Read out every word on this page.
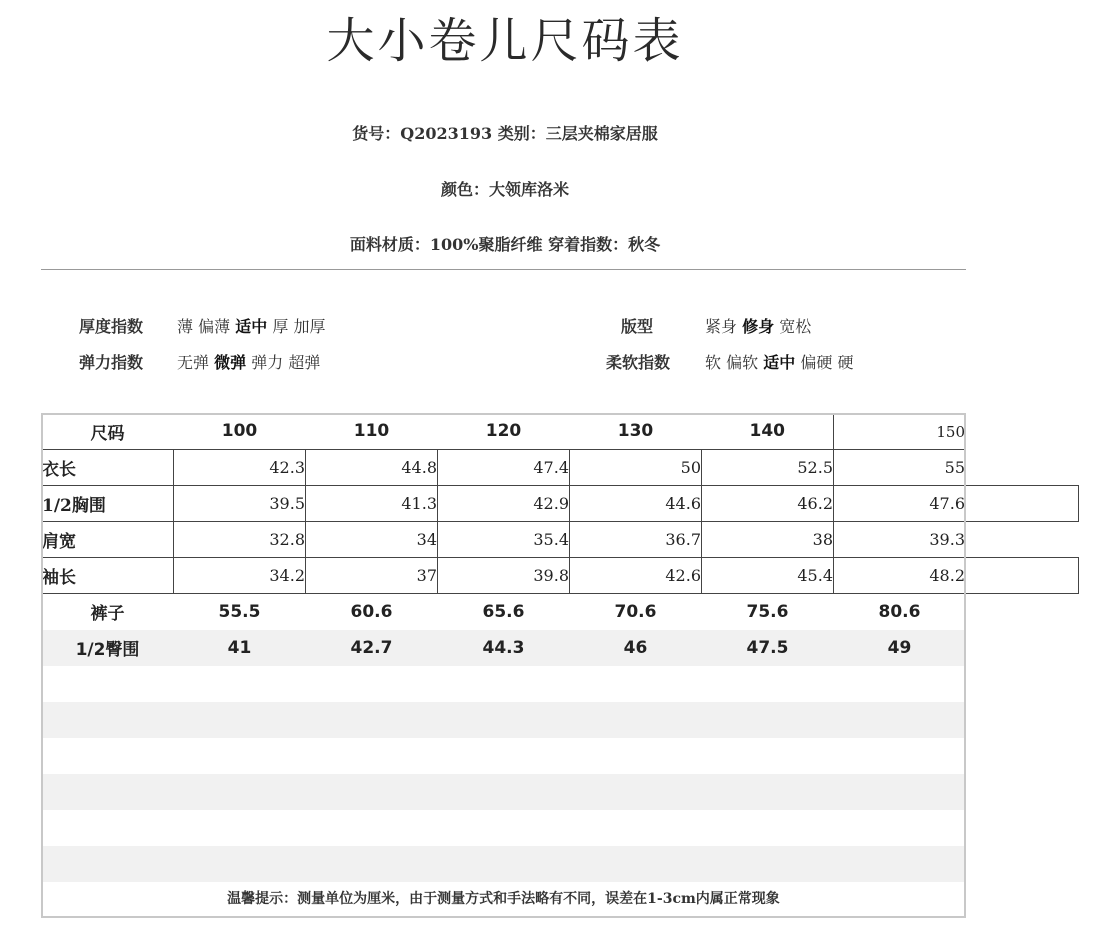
大小卷儿尺码表
货号：Q2023193 类别：三层夹棉家居服
颜色：大领库洛米
面料材质：100%聚脂纤维 穿着指数：秋冬
厚度指数 薄 偏薄 适中 厚 加厚
弹力指数 无弹 微弹 弹力 超弹
版型	紧身 修身 宽松
柔软指数 软 偏软 适中 偏硬 硬
尺码	100	110	120	130	140	150	
衣长	42.3	44.8	47.4	50	52.5	55	
1/2胸围	39.5	41.3	42.9	44.6	46.2	47.6	
肩宽	32.8	34	35.4	36.7	38	39.3	
袖长	34.2	37	39.8	42.6	45.4	48.2	
裤子	55.5	60.6	65.6	70.6	75.6	80.6	
1/2臀围	41	42.7	44.3	46	47.5	49	

温馨提示：测量单位为厘米，由于测量方式和手法略有不同，误差在1-3cm内属正常现象
